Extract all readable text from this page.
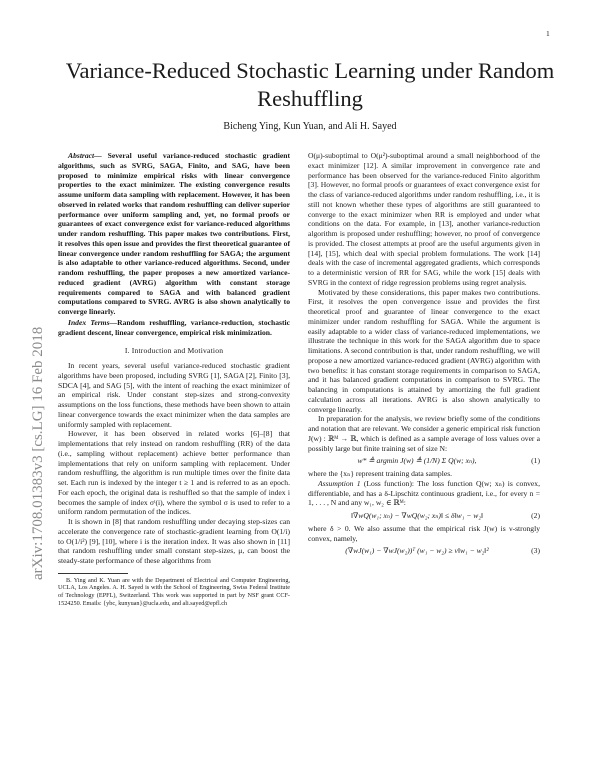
1
arXiv:1708.01383v3 [cs.LG] 16 Feb 2018
Variance-Reduced Stochastic Learning under Random Reshuffling
Bicheng Ying, Kun Yuan, and Ali H. Sayed

Abstract— Several useful variance-reduced stochastic gradient algorithms, such as SVRG, SAGA, Finito, and SAG, have been proposed to minimize empirical risks with linear convergence properties to the exact minimizer. The existing convergence results assume uniform data sampling with replacement. However, it has been observed in related works that random reshuffling can deliver superior performance over uniform sampling and, yet, no formal proofs or guarantees of exact convergence exist for variance-reduced algorithms under random reshuffling. This paper makes two contributions. First, it resolves this open issue and provides the first theoretical guarantee of linear convergence under random reshuffling for SAGA; the argument is also adaptable to other variance-reduced algorithms. Second, under random reshuffling, the paper proposes a new amortized variance-reduced gradient (AVRG) algorithm with constant storage requirements compared to SAGA and with balanced gradient computations compared to SVRG. AVRG is also shown analytically to converge linearly.

Index Terms—Random reshuffling, variance-reduction, stochastic gradient descent, linear convergence, empirical risk minimization.

I. Introduction and Motivation

In recent years, several useful variance-reduced stochastic gradient algorithms have been proposed, including SVRG [1], SAGA [2], Finito [3], SDCA [4], and SAG [5], with the intent of reaching the exact minimizer of an empirical risk. Under constant step-sizes and strong-convexity assumptions on the loss functions, these methods have been shown to attain linear convergence towards the exact minimizer when the data samples are uniformly sampled with replacement.

However, it has been observed in related works [6]–[8] that implementations that rely instead on random reshuffling (RR) of the data (i.e., sampling without replacement) achieve better performance than implementations that rely on uniform sampling with replacement. Under random reshuffling, the algorithm is run multiple times over the finite data set. Each run is indexed by the integer t ≥ 1 and is referred to as an epoch. For each epoch, the original data is reshuffled so that the sample of index i becomes the sample of index σᵗ(i), where the symbol σ is used to refer to a uniform random permutation of the indices.

It is shown in [8] that random reshuffling under decaying step-sizes can accelerate the convergence rate of stochastic-gradient learning from O(1/i) to O(1/i²) [9], [10], where i is the iteration index. It was also shown in [11] that random reshuffling under small constant step-sizes, μ, can boost the steady-state performance of these algorithms from

B. Ying and K. Yuan are with the Department of Electrical and Computer Engineering, UCLA, Los Angeles. A. H. Sayed is with the School of Engineering, Swiss Federal Institute of Technology (EPFL), Switzerland. This work was supported in part by NSF grant CCF-1524250. Emails: {ybc, kunyuan}@ucla.edu, and ali.sayed@epfl.ch

O(μ)-suboptimal to O(μ²)-suboptimal around a small neighborhood of the exact minimizer [12]. A similar improvement in convergence rate and performance has been observed for the variance-reduced Finito algorithm [3]. However, no formal proofs or guarantees of exact convergence exist for the class of variance-reduced algorithms under random reshuffling, i.e., it is still not known whether these types of algorithms are still guaranteed to converge to the exact minimizer when RR is employed and under what conditions on the data. For example, in [13], another variance-reduction algorithm is proposed under reshuffling; however, no proof of convergence is provided. The closest attempts at proof are the useful arguments given in [14], [15], which deal with special problem formulations. The work [14] deals with the case of incremental aggregated gradients, which corresponds to a deterministic version of RR for SAG, while the work [15] deals with SVRG in the context of ridge regression problems using regret analysis.

Motivated by these considerations, this paper makes two contributions. First, it resolves the open convergence issue and provides the first theoretical proof and guarantee of linear convergence to the exact minimizer under random reshuffling for SAGA. While the argument is easily adaptable to a wider class of variance-reduced implementations, we illustrate the technique in this work for the SAGA algorithm due to space limitations. A second contribution is that, under random reshuffling, we will propose a new amortized variance-reduced gradient (AVRG) algorithm with two benefits: it has constant storage requirements in comparison to SAGA, and it has balanced gradient computations in comparison to SVRG. The balancing in computations is attained by amortizing the full gradient calculation across all iterations. AVRG is also shown analytically to converge linearly.

In preparation for the analysis, we review briefly some of the conditions and notation that are relevant. We consider a generic empirical risk function J(w) : ℝᴹ → ℝ, which is defined as a sample average of loss values over a possibly large but finite training set of size N:

w* ≜ argmin J(w) ≜ (1/N) Σ Q(w; xₙ),	(1)

where the {xₙ} represent training data samples.

Assumption 1 (Loss function): The loss function Q(w; xₙ) is convex, differentiable, and has a δ-Lipschitz continuous gradient, i.e., for every n = 1, . . . , N and any w₁, w₂ ∈ ℝᴹ:

‖∇wQ(w₁; xₙ) − ∇wQ(w₂; xₙ)‖ ≤ δ‖w₁ − w₂‖	(2)

where δ > 0. We also assume that the empirical risk J(w) is ν-strongly convex, namely,

(∇wJ(w₁) − ∇wJ(w₂))ᵀ (w₁ − w₂) ≥ ν‖w₁ − w₂‖²	(3)
